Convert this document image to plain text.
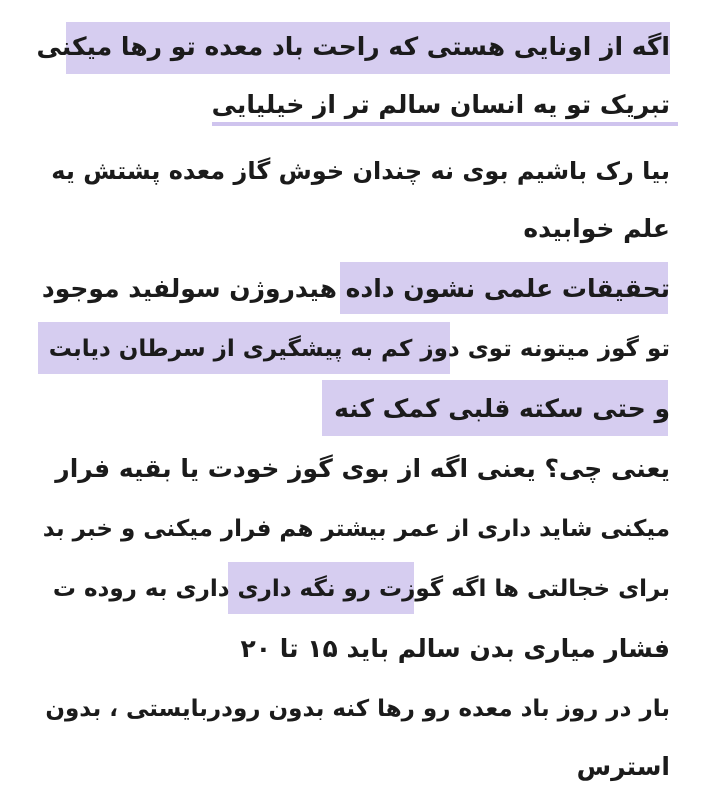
اگه از اونایی هستی که راحت باد معده تو رها میکنی
تبریک تو یه انسان سالم تر از خیلیایی
بیا رک باشیم بوی نه چندان خوش گاز معده پشتش یه
علم خوابیده
تحقیقات علمی نشون داده هیدروژن سولفید موجود
تو گوز میتونه توی دوز کم به پیشگیری از سرطان دیابت
و حتی سکته قلبی کمک کنه
یعنی چی؟ یعنی اگه از بوی گوز خودت یا بقیه فرار
میکنی شاید داری از عمر بیشتر هم فرار میکنی و خبر بد
برای خجالتی ها اگه گوزت رو نگه داری داری به روده ت
فشار میاری بدن سالم باید ۱۵ تا ۲۰
بار در روز باد معده رو رها کنه بدون رودربایستی ، بدون
استرس
